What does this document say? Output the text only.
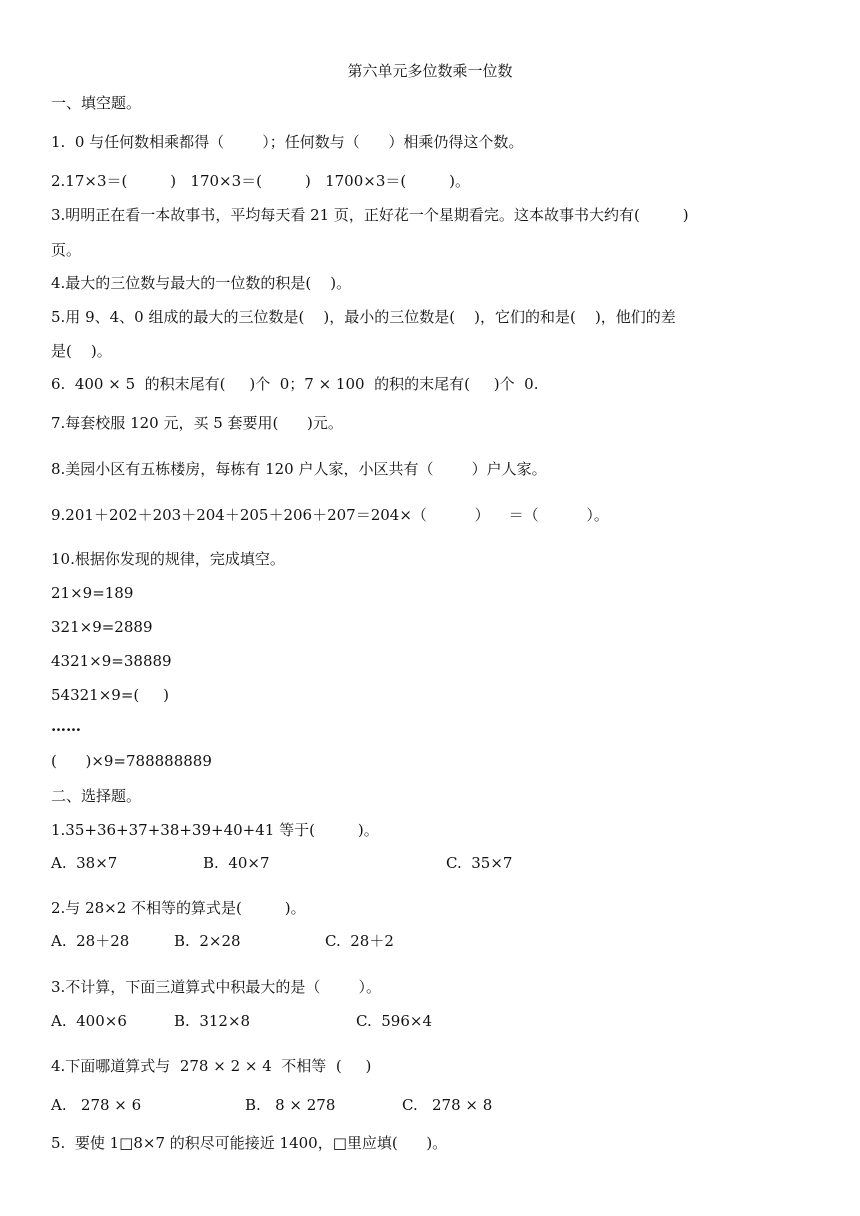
第六单元多位数乘一位数
一、填空题。
1.  0 与任何数相乘都得（        ）；任何数与（      ）相乘仍得这个数。
2.17×3＝(         )   170×3＝(         )   1700×3＝(         )。
3.明明正在看一本故事书，平均每天看 21 页，正好花一个星期看完。这本故事书大约有(         )
页。
4.最大的三位数与最大的一位数的积是(    )。
5.用 9、4、0 组成的最大的三位数是(    )，最小的三位数是(    )，它们的和是(    )，他们的差
是(    )。
6.  400 × 5  的积末尾有(     )个  0；7 × 100  的积的末尾有(     )个  0.
7.每套校服 120 元，买 5 套要用(      )元。
8.美园小区有五栋楼房，每栋有 120 户人家，小区共有（        ）户人家。
9.201＋202＋203＋204＋205＋206＋207＝204×（          ）    ＝（          ）。
10.根据你发现的规律，完成填空。
21×9=189
321×9=2889
4321×9=38889
54321×9=(     )
……
(      )×9=788888889
二、选择题。
1.35+36+37+38+39+40+41 等于(         )。
A.  38×7	B.  40×7	C.  35×7
2.与 28×2 不相等的算式是(         )。
A.  28＋28	B.  2×28	C.  28＋2
3.不计算，下面三道算式中积最大的是（        ）。
A.  400×6	B.  312×8	C.  596×4
4.下面哪道算式与  278 × 2 × 4  不相等  (     )
A.   278 × 6	B.   8 × 278	C.   278 × 8
5.  要使 1□8×7 的积尽可能接近 1400，□里应填(      )。
